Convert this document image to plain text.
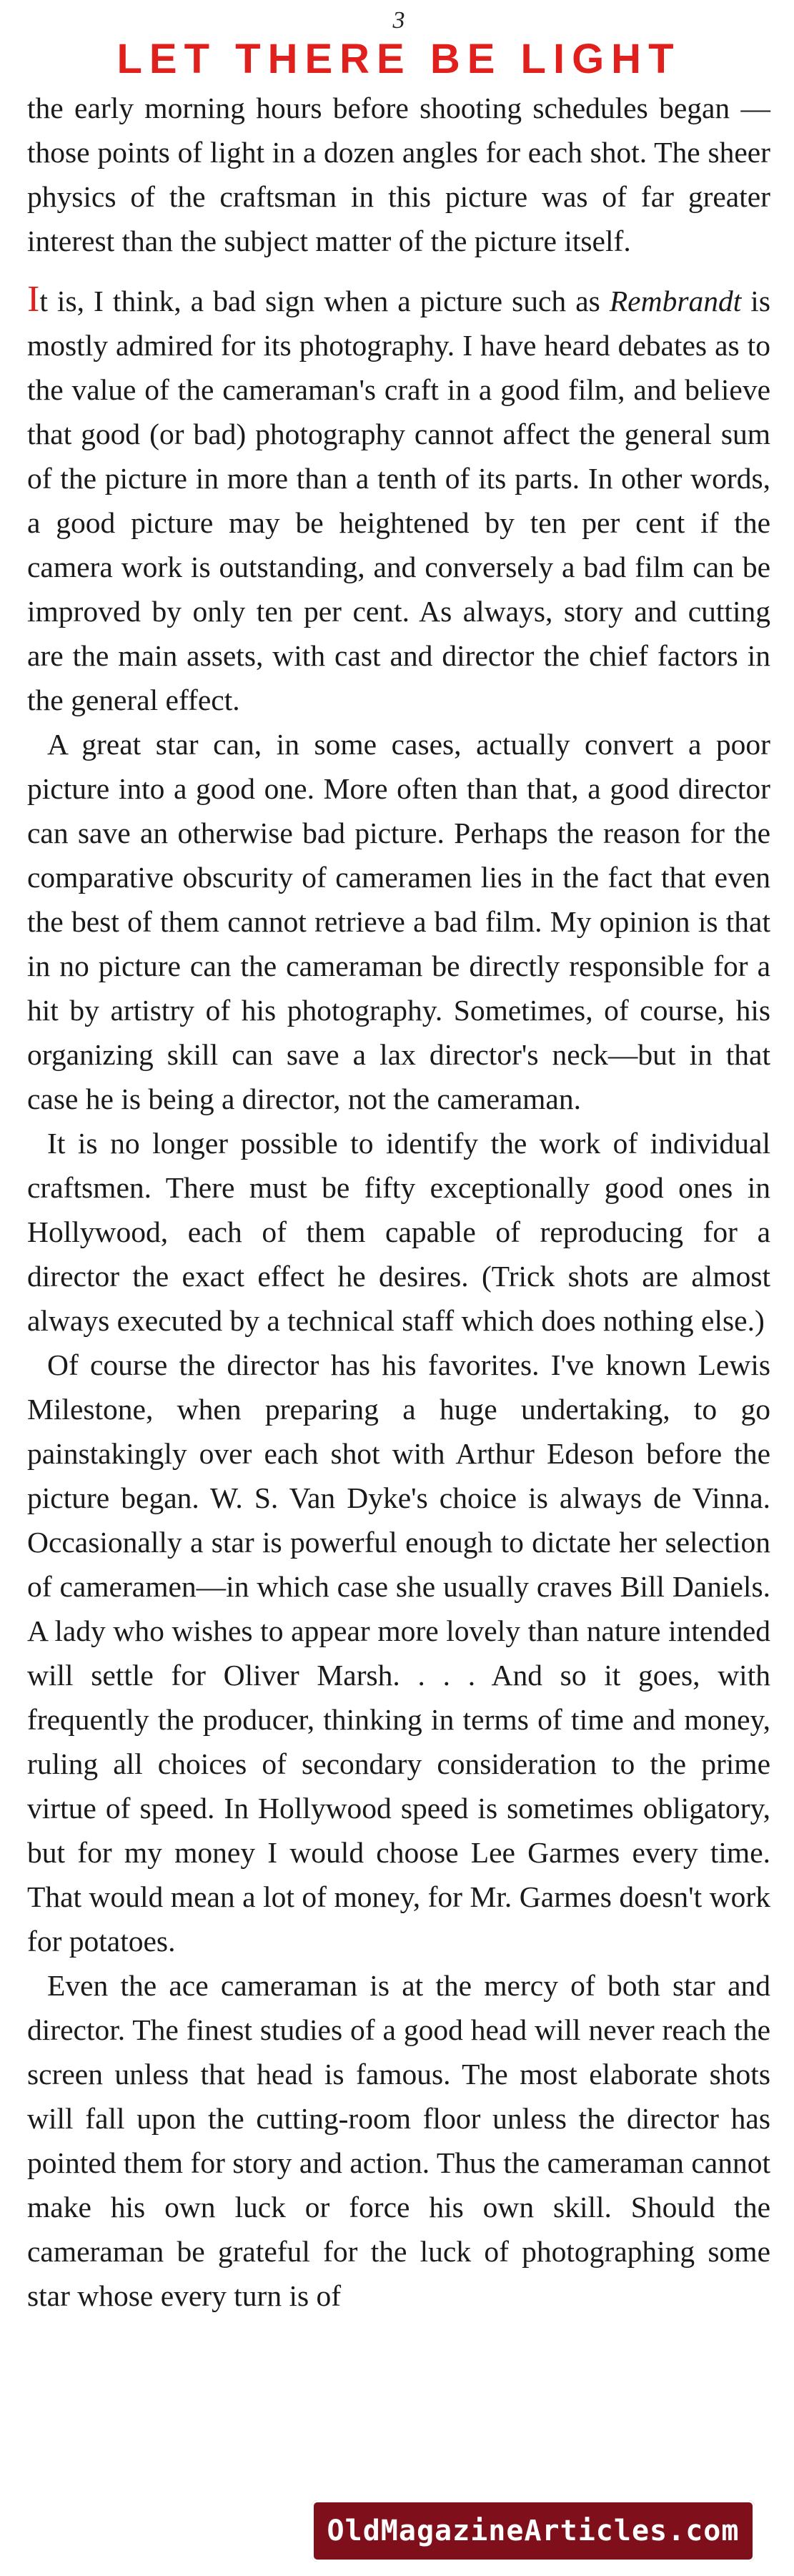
3
LET THERE BE LIGHT

the early morning hours before shooting schedules began —those points of light in a dozen angles for each shot. The sheer physics of the craftsman in this picture was of far greater interest than the subject matter of the picture itself.

It is, I think, a bad sign when a picture such as Rembrandt is mostly admired for its photography. I have heard debates as to the value of the cameraman's craft in a good film, and believe that good (or bad) photography cannot affect the general sum of the picture in more than a tenth of its parts. In other words, a good picture may be heightened by ten per cent if the camera work is outstanding, and conversely a bad film can be improved by only ten per cent. As always, story and cutting are the main assets, with cast and director the chief factors in the general effect.

A great star can, in some cases, actually convert a poor picture into a good one. More often than that, a good director can save an otherwise bad picture. Perhaps the reason for the comparative obscurity of cameramen lies in the fact that even the best of them cannot retrieve a bad film. My opinion is that in no picture can the cameraman be directly responsible for a hit by artistry of his photography. Sometimes, of course, his organizing skill can save a lax director's neck—but in that case he is being a director, not the cameraman.

It is no longer possible to identify the work of individual craftsmen. There must be fifty exceptionally good ones in Hollywood, each of them capable of reproducing for a director the exact effect he desires. (Trick shots are almost always executed by a technical staff which does nothing else.)

Of course the director has his favorites. I've known Lewis Milestone, when preparing a huge undertaking, to go painstakingly over each shot with Arthur Edeson before the picture began. W. S. Van Dyke's choice is always de Vinna. Occasionally a star is powerful enough to dictate her selection of cameramen—in which case she usually craves Bill Daniels. A lady who wishes to appear more lovely than nature intended will settle for Oliver Marsh. . . . And so it goes, with frequently the producer, thinking in terms of time and money, ruling all choices of secondary consideration to the prime virtue of speed. In Hollywood speed is sometimes obligatory, but for my money I would choose Lee Garmes every time. That would mean a lot of money, for Mr. Garmes doesn't work for potatoes.

Even the ace cameraman is at the mercy of both star and director. The finest studies of a good head will never reach the screen unless that head is famous. The most elaborate shots will fall upon the cutting-room floor unless the director has pointed them for story and action. Thus the cameraman cannot make his own luck or force his own skill. Should the cameraman be grateful for the luck of photographing some star whose every turn is of

OldMagazineArticles.com
